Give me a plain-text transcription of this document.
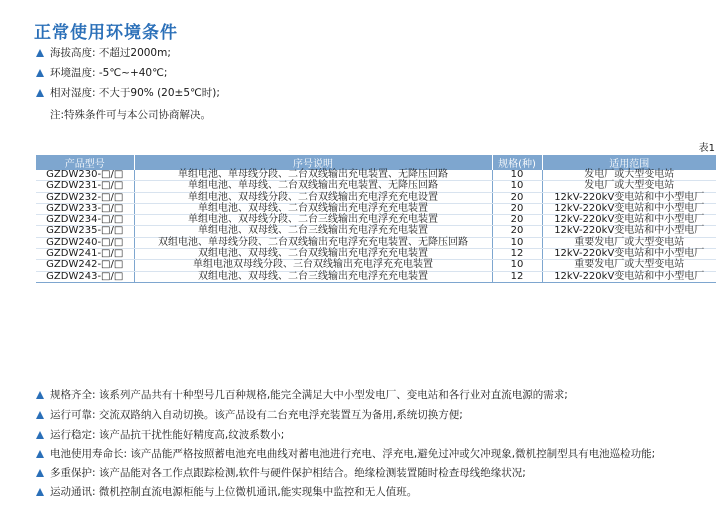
正常使用环境条件
海拔高度: 不超过2000m;
环境温度: -5℃~+40℃;
相对湿度: 不大于90% (20±5℃时);
注:特殊条件可与本公司协商解决。
表1
产品型号	序号说明	规格(种)	适用范围
GZDW230-□/□	单组电池、单母线分段、二台双线输出充电装置、无降压回路	10	发电厂或大型变电站
GZDW231-□/□	单组电池、单母线、二台双线输出充电装置、无降压回路	10	发电厂或大型变电站
GZDW232-□/□	单组电池、双母线分段、二台双线输出充电浮充充电设置	20	12kV-220kV变电站和中小型电厂
GZDW233-□/□	单组电池、双母线、二台双线输出充电浮充充电装置	20	12kV-220kV变电站和中小型电厂
GZDW234-□/□	单组电池、双母线分段、二台三线输出充电浮充充电装置	20	12kV-220kV变电站和中小型电厂
GZDW235-□/□	单组电池、双母线、二台三线输出充电浮充充电装置	20	12kV-220kV变电站和中小型电厂
GZDW240-□/□	双组电池、单母线分段、二台双线输出充电浮充充电装置、无降压回路	10	重要发电厂或大型变电站
GZDW241-□/□	双组电池、双母线、二台双线输出充电浮充充电装置	12	12kV-220kV变电站和中小型电厂
GZDW242-□/□	单组电池双母线分段、三台双线输出充电浮充充电装置	10	重要发电厂或大型变电站
GZDW243-□/□	双组电池、双母线、二台三线输出充电浮充充电装置	12	12kV-220kV变电站和中小型电厂
规格齐全: 该系列产品共有十种型号几百种规格,能完全满足大中小型发电厂、变电站和各行业对直流电源的需求;
运行可靠: 交流双路纳入自动切换。该产品设有二台充电浮充装置互为备用,系统切换方便;
运行稳定: 该产品抗干扰性能好精度高,纹波系数小;
电池使用寿命长: 该产品能严格按照蓄电池充电曲线对蓄电池进行充电、浮充电,避免过冲或欠冲现象,微机控制型具有电池巡检功能;
多重保护: 该产品能对各工作点跟踪检测,软件与硬件保护相结合。绝缘检测装置随时检查母线绝缘状况;
运动通讯: 微机控制直流电源柜能与上位微机通讯,能实现集中监控和无人值班。
